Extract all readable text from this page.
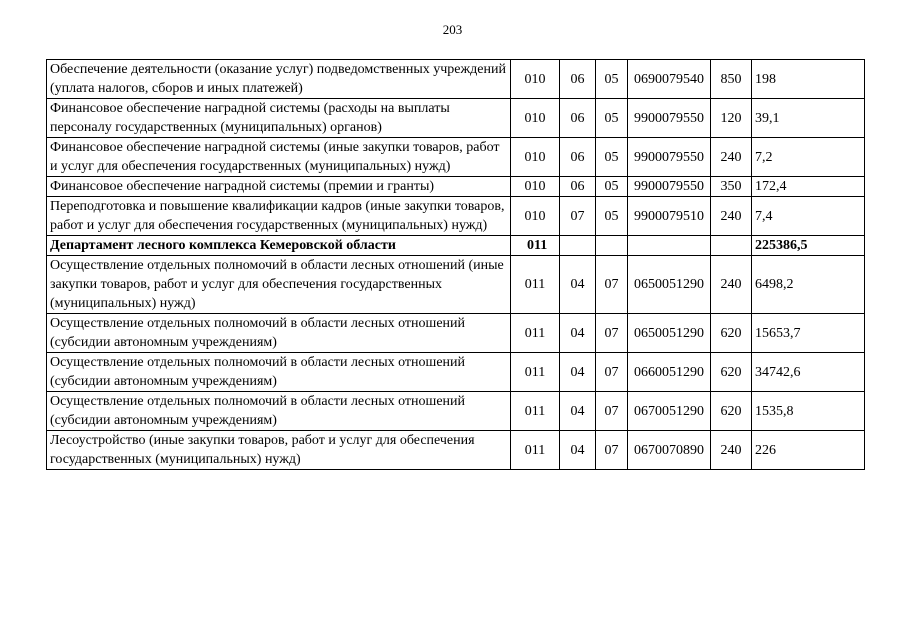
203
Обеспечение деятельности (оказание услуг) подведомственных учреждений (уплата налогов, сборов и иных платежей)	010	06	05	0690079540	850	198
Финансовое обеспечение наградной системы (расходы на выплаты персоналу государственных (муниципальных) органов)	010	06	05	9900079550	120	39,1
Финансовое обеспечение наградной системы (иные закупки товаров, работ и услуг для обеспечения государственных (муниципальных) нужд)	010	06	05	9900079550	240	7,2
Финансовое обеспечение наградной системы (премии и гранты)	010	06	05	9900079550	350	172,4
Переподготовка и повышение квалификации кадров (иные закупки товаров, работ и услуг для обеспечения государственных (муниципальных) нужд)	010	07	05	9900079510	240	7,4
Департамент лесного комплекса Кемеровской области	011					225386,5
Осуществление отдельных полномочий в области лесных отношений (иные закупки товаров, работ и услуг для обеспечения государственных (муниципальных) нужд)	011	04	07	0650051290	240	6498,2
Осуществление отдельных полномочий в области лесных отношений (субсидии автономным учреждениям)	011	04	07	0650051290	620	15653,7
Осуществление отдельных полномочий в области лесных отношений (субсидии автономным учреждениям)	011	04	07	0660051290	620	34742,6
Осуществление отдельных полномочий в области лесных отношений (субсидии автономным учреждениям)	011	04	07	0670051290	620	1535,8
Лесоустройство (иные закупки товаров, работ и услуг для обеспечения государственных (муниципальных) нужд)	011	04	07	0670070890	240	226
